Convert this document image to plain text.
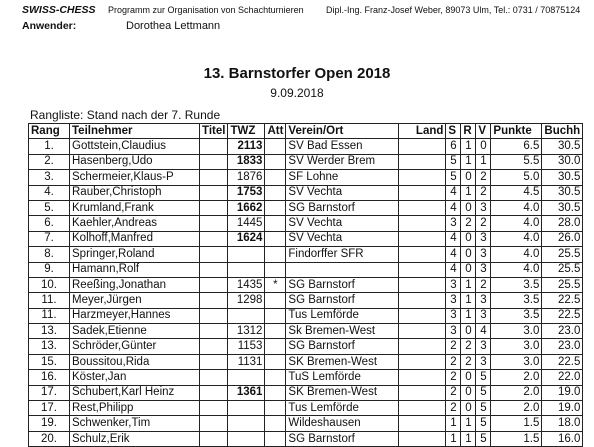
SWISS-CHESS	Programm zur Organisation von Schachturnieren	Dipl.-Ing. Franz-Josef Weber, 89073 Ulm, Tel.: 0731 / 70875124
Anwender:	Dorothea Lettmann
13. Barnstorfer Open 2018
9.09.2018
Rangliste: Stand nach der 7. Runde
Rang	Teilnehmer	Titel	TWZ	Att	Verein/Ort	Land	S	R	V	Punkte	Buchh
1.	Gottstein,Claudius		2113		SV Bad Essen		6	1	0	6.5	30.5
2.	Hasenberg,Udo		1833		SV Werder Brem		5	1	1	5.5	30.0
3.	Schermeier,Klaus-P		1876		SF Lohne		5	0	2	5.0	30.5
4.	Rauber,Christoph		1753		SV Vechta		4	1	2	4.5	30.5
5.	Krumland,Frank		1662		SG Barnstorf		4	0	3	4.0	30.5
6.	Kaehler,Andreas		1445		SV Vechta		3	2	2	4.0	28.0
7.	Kolhoff,Manfred		1624		SV Vechta		4	0	3	4.0	26.0
8.	Springer,Roland				Findorffer SFR		4	0	3	4.0	25.5
9.	Hamann,Rolf						4	0	3	4.0	25.5
10.	Reeßing,Jonathan		1435	*	SG Barnstorf		3	1	2	3.5	25.5
11.	Meyer,Jürgen		1298		SG Barnstorf		3	1	3	3.5	22.5
11.	Harzmeyer,Hannes				Tus Lemförde		3	1	3	3.5	22.5
13.	Sadek,Etienne		1312		Sk Bremen-West		3	0	4	3.0	23.0
13.	Schröder,Günter		1153		SG Barnstorf		2	2	3	3.0	23.0
15.	Boussitou,Rida		1131		SK Bremen-West		2	2	3	3.0	22.5
16.	Köster,Jan				TuS Lemförde		2	0	5	2.0	22.0
17.	Schubert,Karl Heinz		1361		SK Bremen-West		2	0	5	2.0	19.0
17.	Rest,Philipp				Tus Lemförde		2	0	5	2.0	19.0
19.	Schwenker,Tim				Wildeshausen		1	1	5	1.5	18.0
20.	Schulz,Erik				SG Barnstorf		1	1	5	1.5	16.0
